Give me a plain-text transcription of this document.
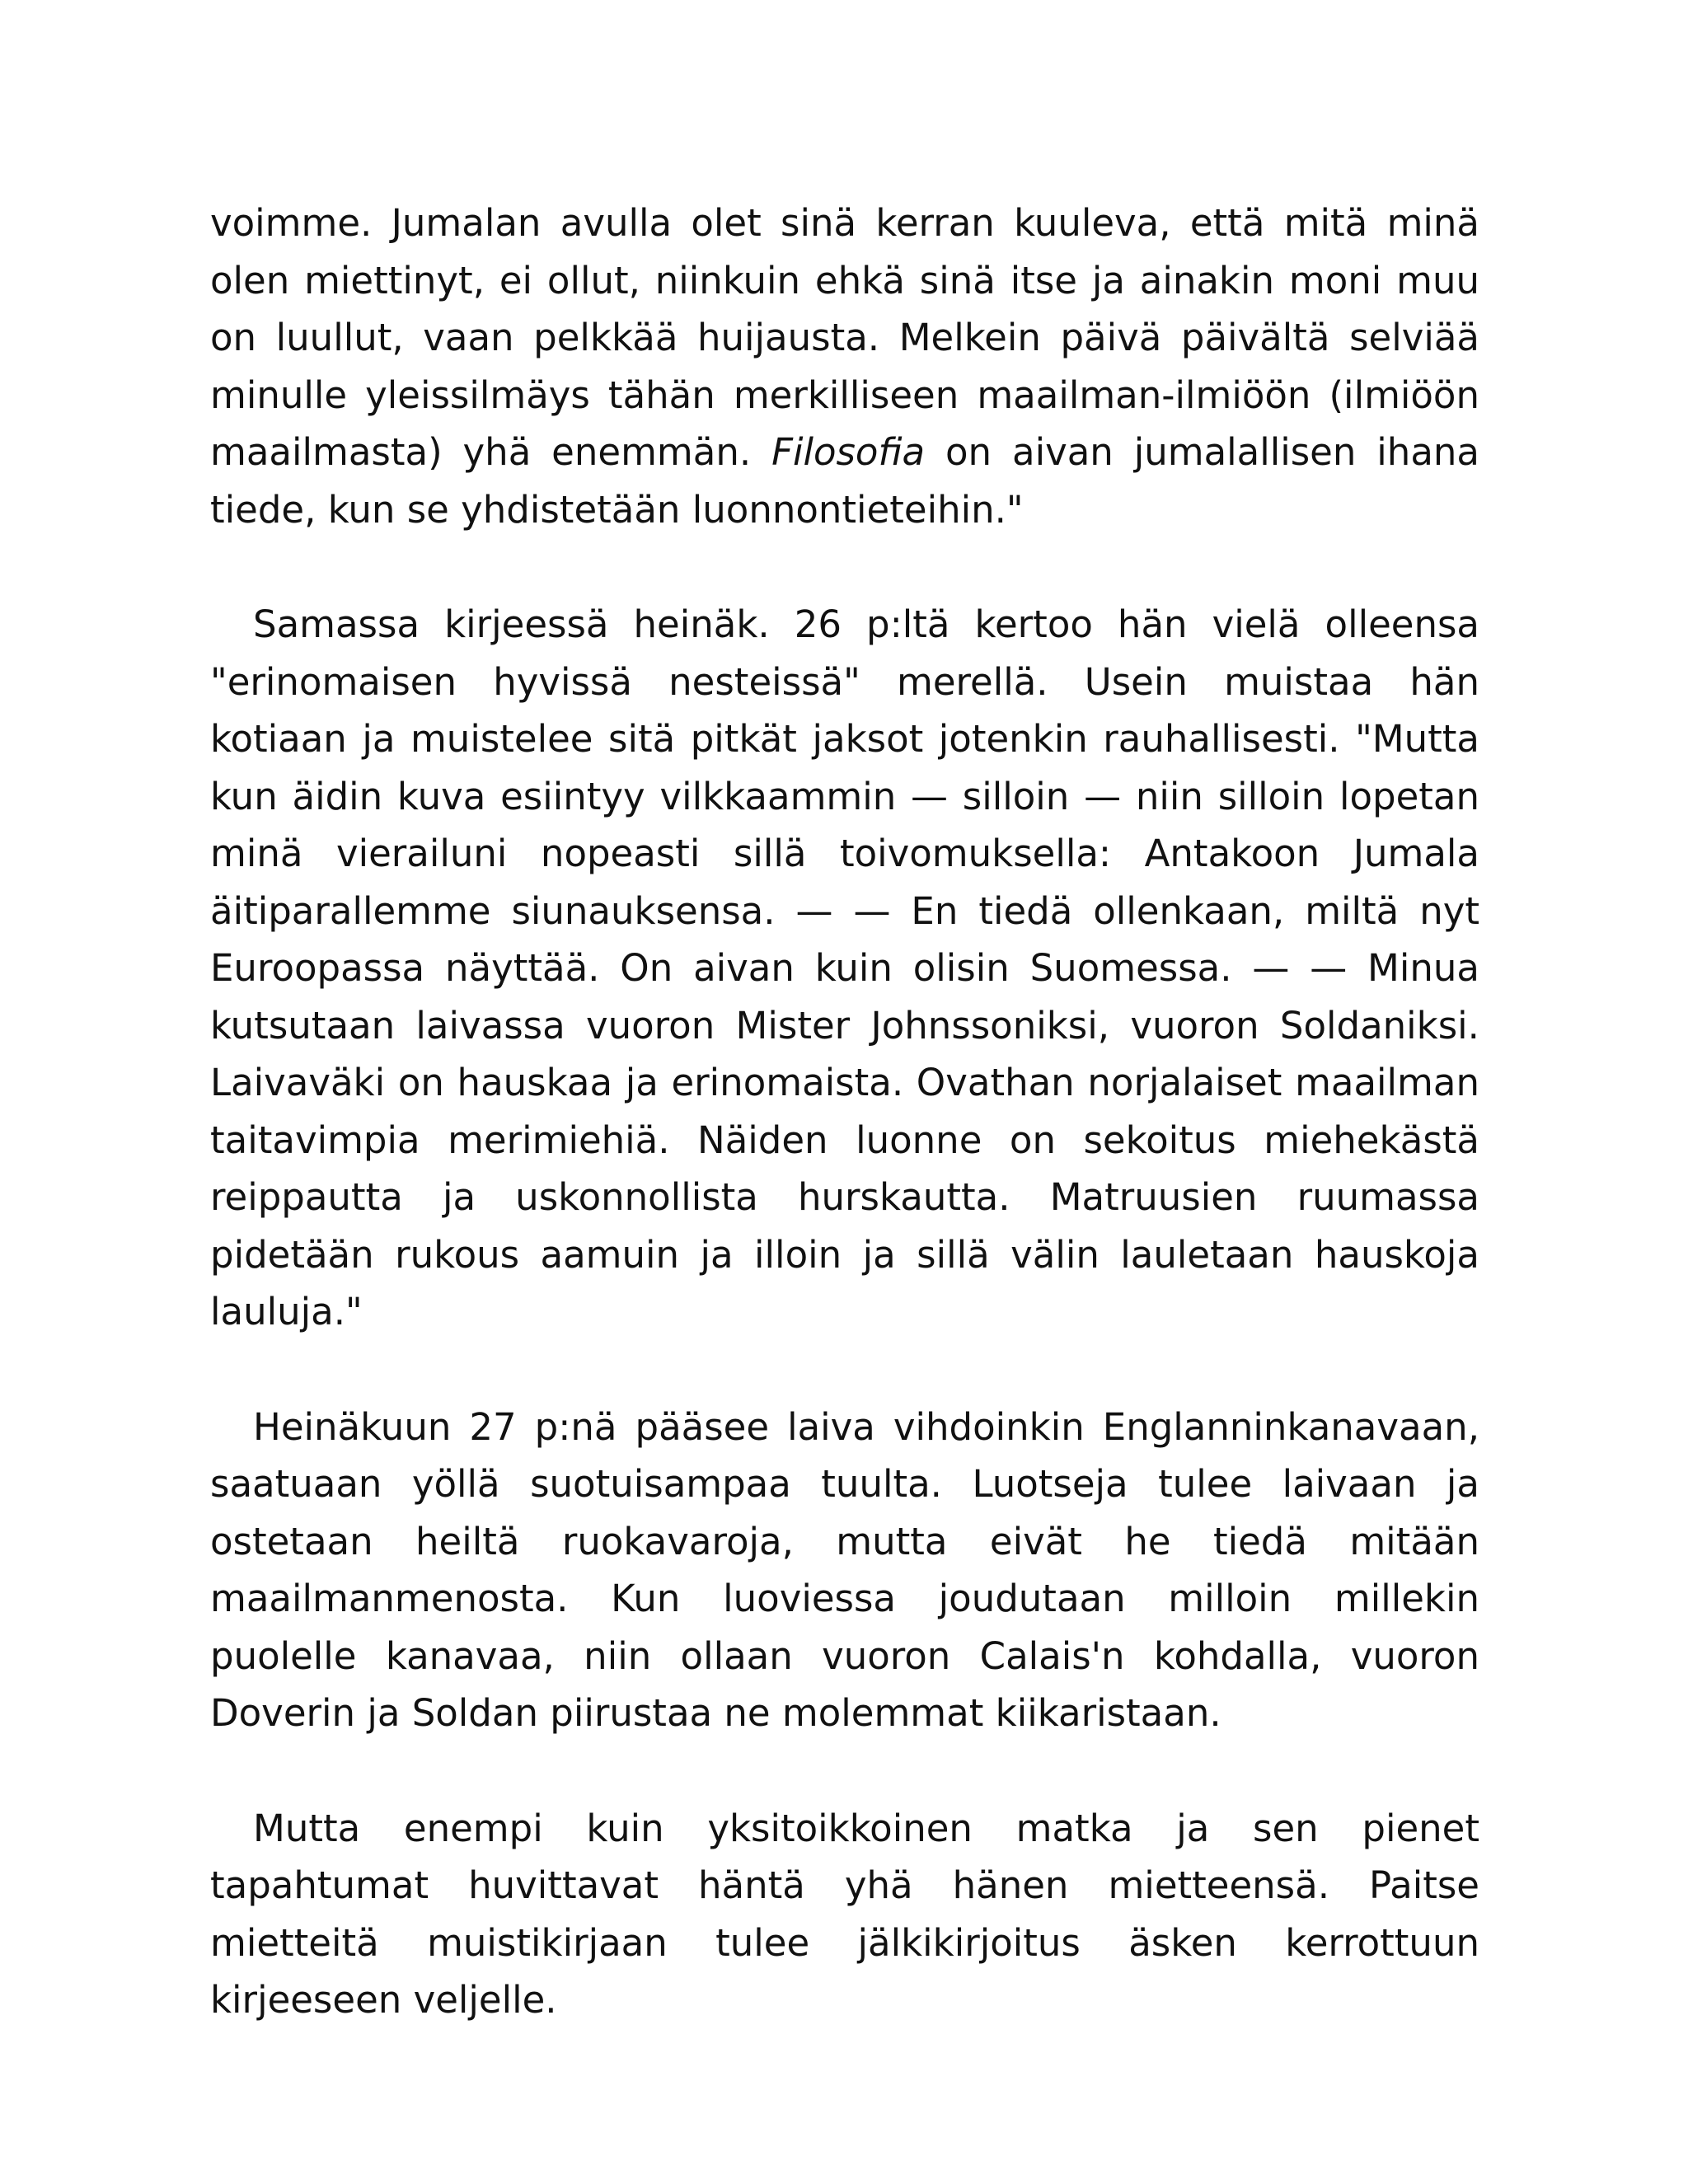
voimme. Jumalan avulla olet sinä kerran kuuleva, että mitä minä olen miettinyt, ei ollut, niinkuin ehkä sinä itse ja ainakin moni muu on luullut, vaan pelkkää huijausta. Melkein päivä päivältä selviää minulle yleissilmäys tähän merkilliseen maailman-ilmiöön (ilmiöön maailmasta) yhä enemmän. Filosofia on aivan jumalallisen ihana tiede, kun se yhdistetään luonnontieteihin."

Samassa kirjeessä heinäk. 26 p:ltä kertoo hän vielä olleensa "erinomaisen hyvissä nesteissä" merellä. Usein muistaa hän kotiaan ja muistelee sitä pitkät jaksot jotenkin rauhallisesti. "Mutta kun äidin kuva esiintyy vilkkaammin — silloin — niin silloin lopetan minä vierailuni nopeasti sillä toivomuksella: Antakoon Jumala äitiparallemme siunauksensa. — — En tiedä ollenkaan, miltä nyt Euroopassa näyttää. On aivan kuin olisin Suomessa. — — Minua kutsutaan laivassa vuoron Mister Johnssoniksi, vuoron Soldaniksi. Laivaväki on hauskaa ja erinomaista. Ovathan norjalaiset maailman taitavimpia merimiehiä. Näiden luonne on sekoitus miehekästä reippautta ja uskonnollista hurskautta. Matruusien ruumassa pidetään rukous aamuin ja illoin ja sillä välin lauletaan hauskoja lauluja."

Heinäkuun 27 p:nä pääsee laiva vihdoinkin Englanninkanavaan, saatuaan yöllä suotuisampaa tuulta. Luotseja tulee laivaan ja ostetaan heiltä ruokavaroja, mutta eivät he tiedä mitään maailmanmenosta. Kun luoviessa joudutaan milloin millekin puolelle kanavaa, niin ollaan vuoron Calais'n kohdalla, vuoron Doverin ja Soldan piirustaa ne molemmat kiikaristaan.

Mutta enempi kuin yksitoikkoinen matka ja sen pienet tapahtumat huvittavat häntä yhä hänen mietteensä. Paitse mietteitä muistikirjaan tulee jälkikirjoitus äsken kerrottuun kirjeeseen veljelle.
